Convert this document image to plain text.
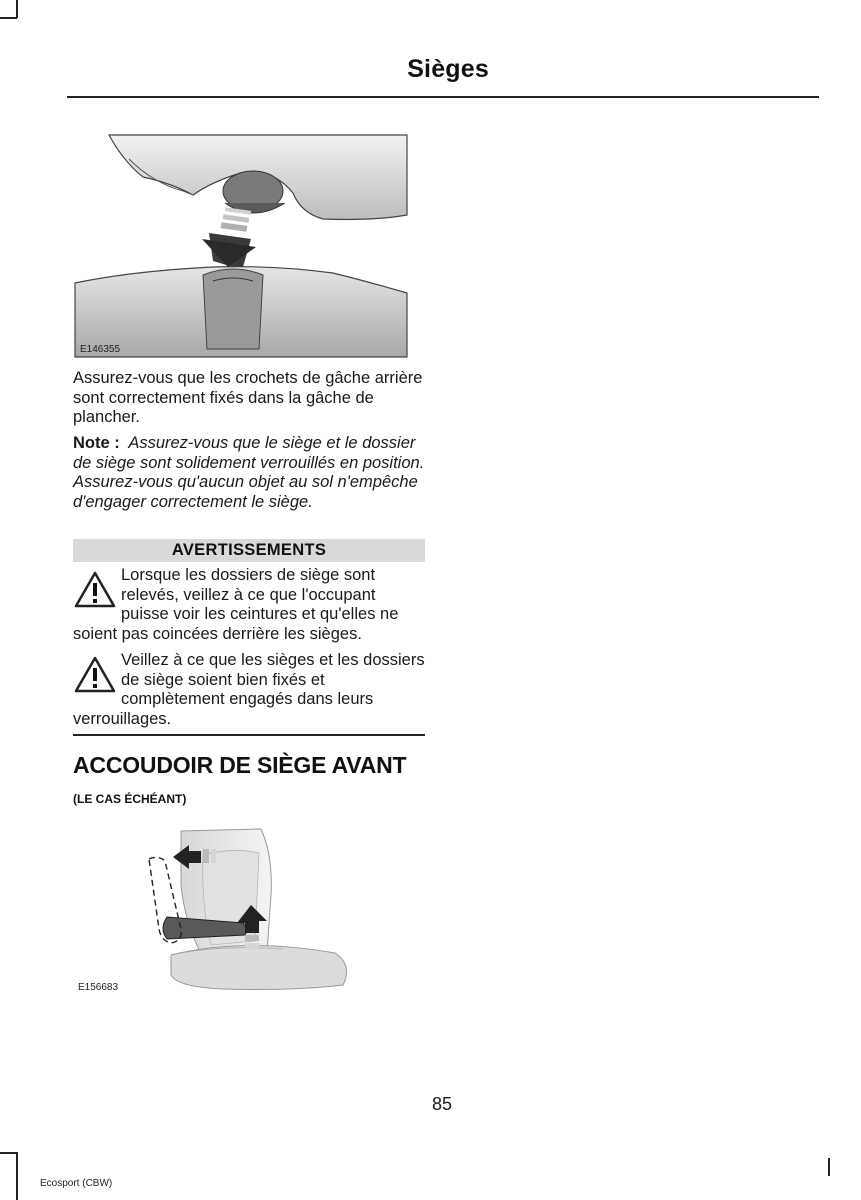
Sièges
E146355
Assurez-vous que les crochets de gâche arrière sont correctement fixés dans la gâche de plancher.
Note : Assurez-vous que le siège et le dossier de siège sont solidement verrouillés en position. Assurez-vous qu'aucun objet au sol n'empêche d'engager correctement le siège.
AVERTISSEMENTS
Lorsque les dossiers de siège sont relevés, veillez à ce que l'occupant puisse voir les ceintures et qu'elles ne soient pas coincées derrière les sièges.
Veillez à ce que les sièges et les dossiers de siège soient bien fixés et complètement engagés dans leurs verrouillages.
ACCOUDOIR DE SIÈGE AVANT
(LE CAS ÉCHÉANT)
E156683
85
Ecosport (CBW)
